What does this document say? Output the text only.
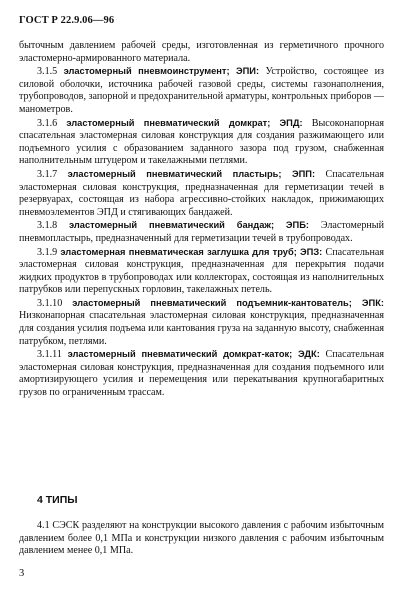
ГОСТ Р 22.9.06—96

быточным давлением рабочей среды, изготовленная из герметичного прочного эластомерно-армированного материала.

3.1.5 эластомерный пневмоинструмент; ЭПИ: Устройство, состоящее из силовой оболочки, источника рабочей газовой среды, системы газонаполнения, трубопроводов, запорной и предохранительной арматуры, контрольных приборов — манометров.

3.1.6 эластомерный пневматический домкрат; ЭПД: Высоконапорная спасательная эластомерная силовая конструкция для создания разжимающего или подъемного усилия с образованием заданного зазора под грузом, снабженная наполнительным штуцером и такелажными петлями.

3.1.7 эластомерный пневматический пластырь; ЭПП: Спасательная эластомерная силовая конструкция, предназначенная для герметизации течей в резервуарах, состоящая из набора агрессивно-стойких накладок, прижимающих пневмоэлементов ЭПД и стягивающих бандажей.

3.1.8 эластомерный пневматический бандаж; ЭПБ: Эластомерный пневмопластырь, предназначенный для герметизации течей в трубопроводах.

3.1.9 эластомерная пневматическая заглушка для труб; ЭПЗ: Спасательная эластомерная силовая конструкция, предназначенная для перекрытия подачи жидких продуктов в трубопроводах или коллекторах, состоящая из наполнительных патрубков или перепускных горловин, такелажных петель.

3.1.10 эластомерный пневматический подъемник-кантователь; ЭПК: Низконапорная спасательная эластомерная силовая конструкция, предназначенная для создания усилия подъема или кантования груза на заданную высоту, снабженная патрубком, петлями.

3.1.11 эластомерный пневматический домкрат-каток; ЭДК: Спасательная эластомерная силовая конструкция, предназначенная для создания подъемного или амортизирующего усилия и перемещения или перекатывания крупногабаритных грузов по ограниченным трассам.

4 ТИПЫ

4.1 СЭСК разделяют на конструкции высокого давления с рабочим избыточным давлением более 0,1 МПа и конструкции низкого давления с рабочим избыточным давлением менее 0,1 МПа.

3
